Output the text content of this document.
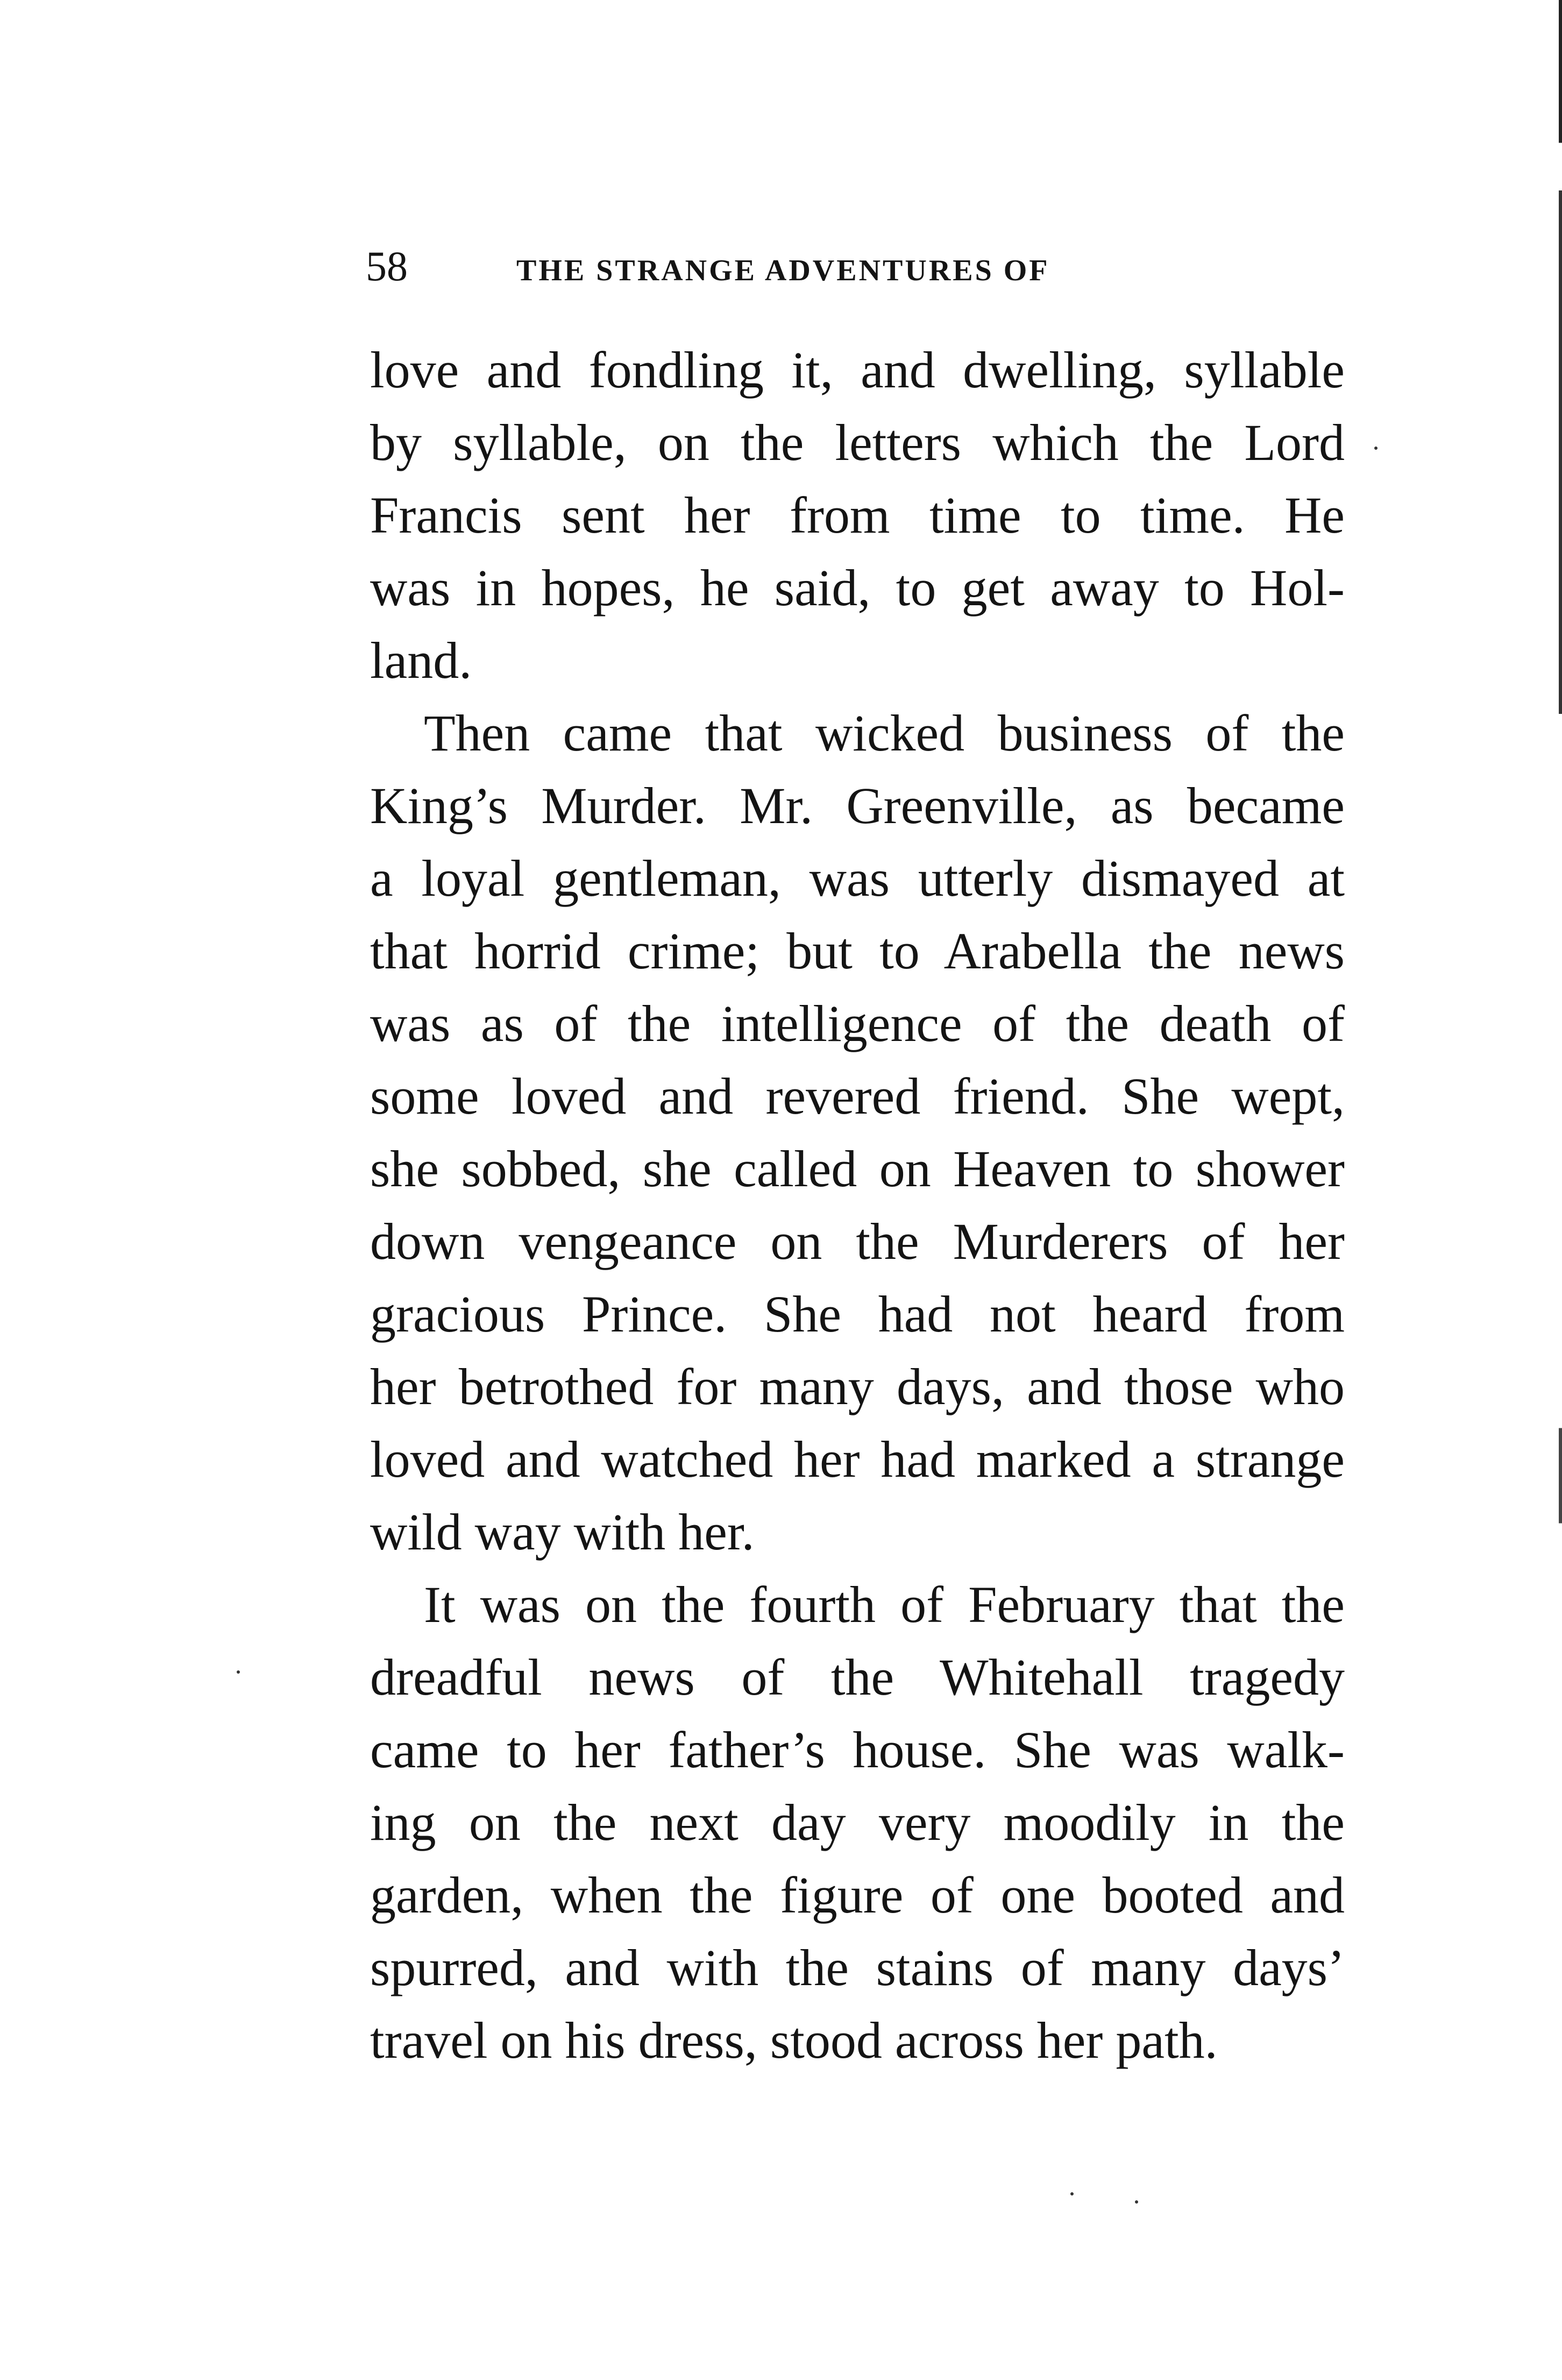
58	THE STRANGE ADVENTURES OF
love and fondling it, and dwelling, syllable
by syllable, on the letters which the Lord
Francis sent her from time to time. He
was in hopes, he said, to get away to Hol-
land.
Then came that wicked business of the
King’s Murder. Mr. Greenville, as became
a loyal gentleman, was utterly dismayed at
that horrid crime; but to Arabella the news
was as of the intelligence of the death of
some loved and revered friend. She wept,
she sobbed, she called on Heaven to shower
down vengeance on the Murderers of her
gracious Prince. She had not heard from
her betrothed for many days, and those who
loved and watched her had marked a strange
wild way with her.
It was on the fourth of February that the
dreadful news of the Whitehall tragedy
came to her father’s house. She was walk-
ing on the next day very moodily in the
garden, when the figure of one booted and
spurred, and with the stains of many days’
travel on his dress, stood across her path.
